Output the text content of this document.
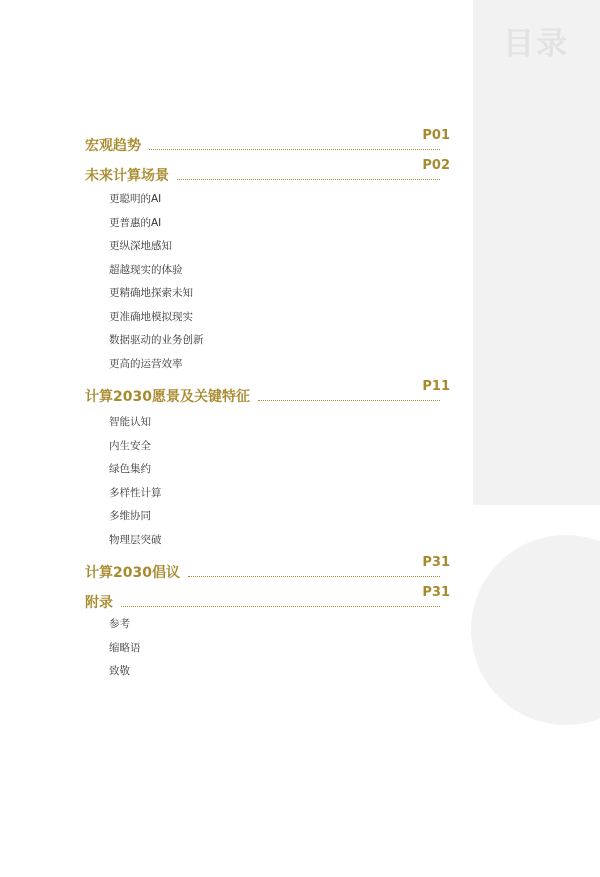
目录
宏观趋势
P01
未来计算场景
P02
更聪明的AI
更普惠的AI
更纵深地感知
超越现实的体验
更精确地探索未知
更准确地模拟现实
数据驱动的业务创新
更高的运营效率
计算2030愿景及关键特征
P11
智能认知
内生安全
绿色集约
多样性计算
多维协同
物理层突破
计算2030倡议
P31
附录
P31
参考
缩略语
致敬
